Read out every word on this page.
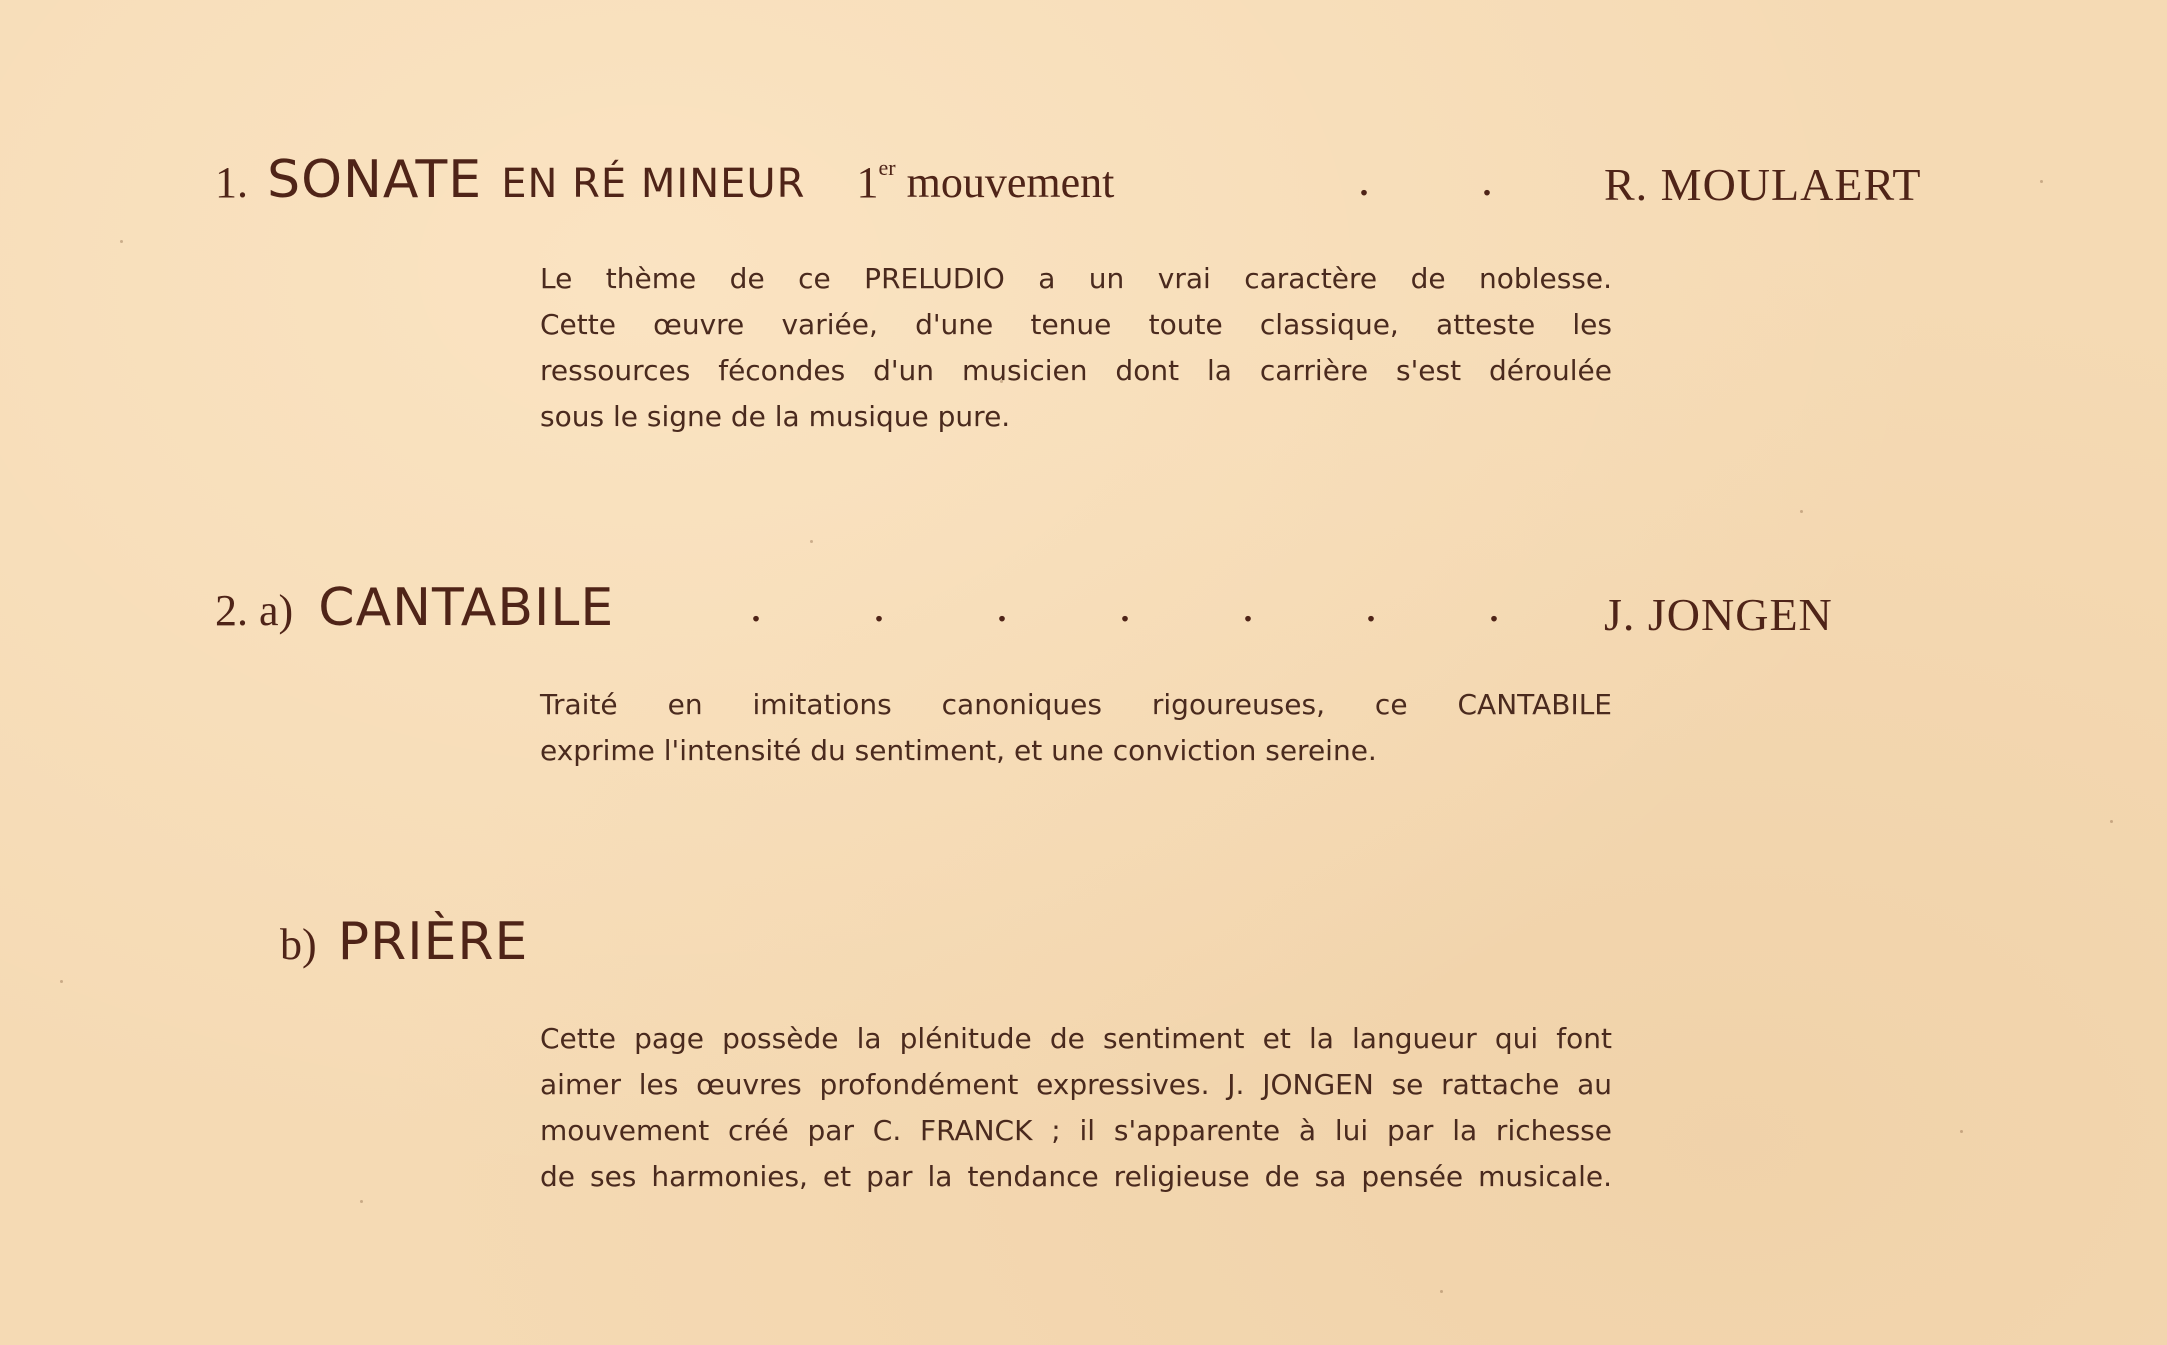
1. SONATE EN RÉ MINEUR 1er mouvement	. . R. MOULAERT
Le thème de ce PRELUDIO a un vrai caractère de noblesse.
Cette œuvre variée, d'une tenue toute classique, atteste les
ressources fécondes d'un musicien dont la carrière s'est déroulée
sous le signe de la musique pure.
2. a) CANTABILE	. . . . . . . J. JONGEN
Traité en imitations canoniques rigoureuses, ce CANTABILE
exprime l'intensité du sentiment, et une conviction sereine.
b) PRIÈRE
Cette page possède la plénitude de sentiment et la langueur qui font
aimer les œuvres profondément expressives. J. JONGEN se rattache au
mouvement créé par C. FRANCK ; il s'apparente à lui par la richesse
de ses harmonies, et par la tendance religieuse de sa pensée musicale.
